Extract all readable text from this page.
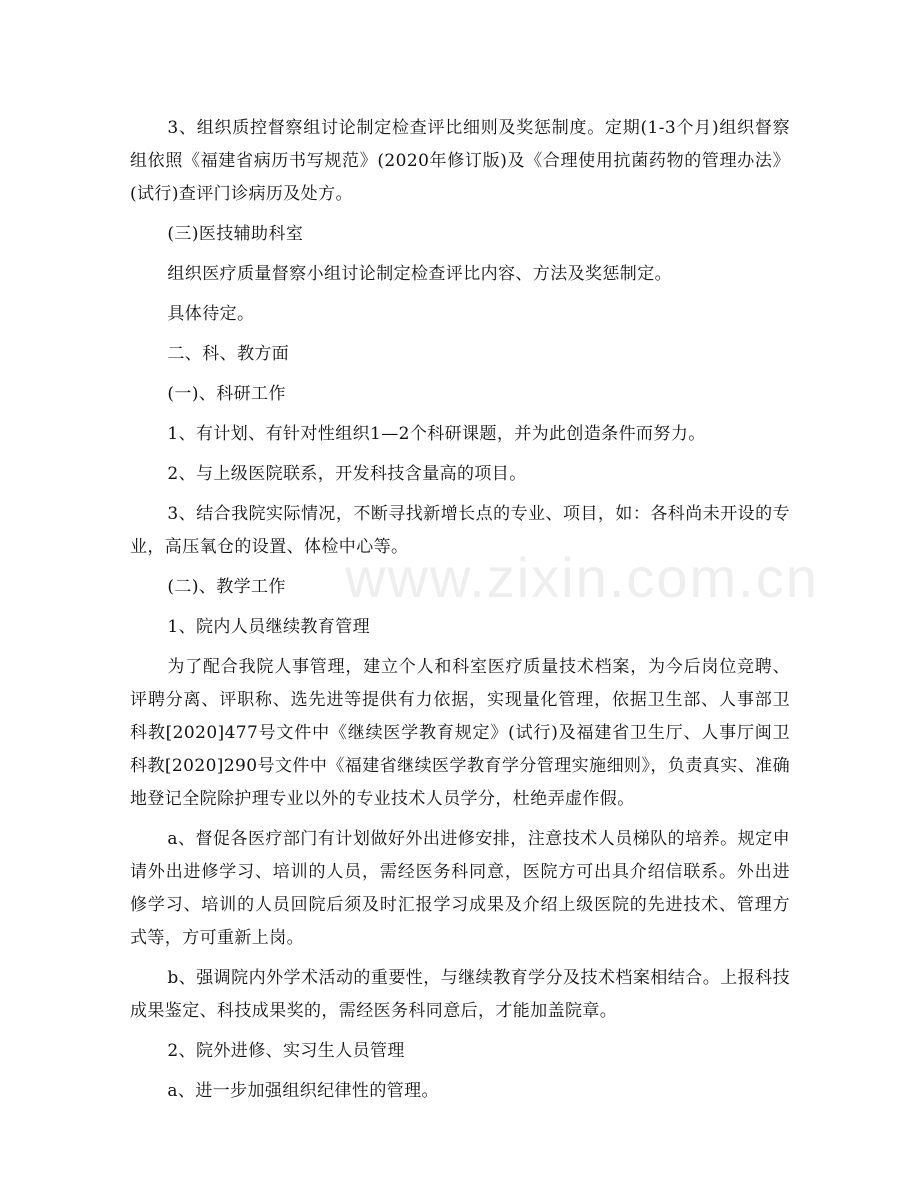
www.zixin.com.cn

3、组织质控督察组讨论制定检查评比细则及奖惩制度。定期(1-3个月)组织督察组依照《福建省病历书写规范》(2020年修订版)及《合理使用抗菌药物的管理办法》(试行)查评门诊病历及处方。

(三)医技辅助科室

组织医疗质量督察小组讨论制定检查评比内容、方法及奖惩制定。

具体待定。

二、科、教方面

(一)、科研工作

1、有计划、有针对性组织1—2个科研课题，并为此创造条件而努力。

2、与上级医院联系，开发科技含量高的项目。

3、结合我院实际情况，不断寻找新增长点的专业、项目，如：各科尚未开设的专业，高压氧仓的设置、体检中心等。

(二)、教学工作

1、院内人员继续教育管理

为了配合我院人事管理，建立个人和科室医疗质量技术档案，为今后岗位竞聘、评聘分离、评职称、选先进等提供有力依据，实现量化管理，依据卫生部、人事部卫科教[2020]477号文件中《继续医学教育规定》(试行)及福建省卫生厅、人事厅闽卫科教[2020]290号文件中《福建省继续医学教育学分管理实施细则》，负责真实、准确地登记全院除护理专业以外的专业技术人员学分，杜绝弄虚作假。

a、督促各医疗部门有计划做好外出进修安排，注意技术人员梯队的培养。规定申请外出进修学习、培训的人员，需经医务科同意，医院方可出具介绍信联系。外出进修学习、培训的人员回院后须及时汇报学习成果及介绍上级医院的先进技术、管理方式等，方可重新上岗。

b、强调院内外学术活动的重要性，与继续教育学分及技术档案相结合。上报科技成果鉴定、科技成果奖的，需经医务科同意后，才能加盖院章。

2、院外进修、实习生人员管理

a、进一步加强组织纪律性的管理。
